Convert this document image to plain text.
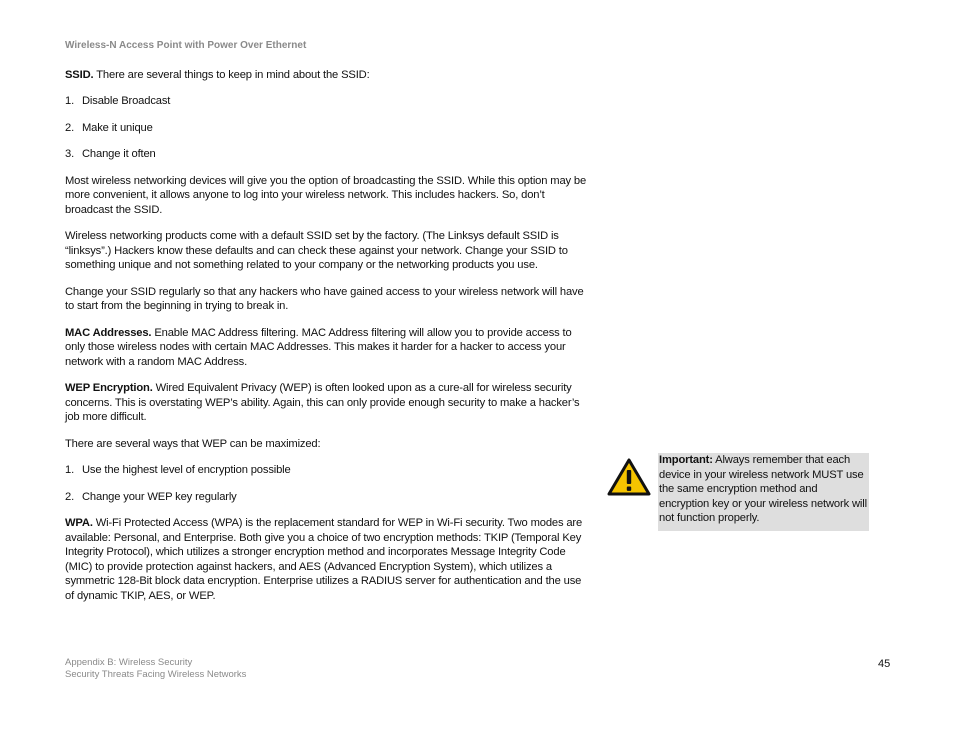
Wireless-N Access Point with Power Over Ethernet

SSID. There are several things to keep in mind about the SSID:

1. Disable Broadcast

2. Make it unique

3. Change it often

Most wireless networking devices will give you the option of broadcasting the SSID. While this option may be more convenient, it allows anyone to log into your wireless network. This includes hackers. So, don’t broadcast the SSID.

Wireless networking products come with a default SSID set by the factory. (The Linksys default SSID is “linksys”.) Hackers know these defaults and can check these against your network. Change your SSID to something unique and not something related to your company or the networking products you use.

Change your SSID regularly so that any hackers who have gained access to your wireless network will have to start from the beginning in trying to break in.

MAC Addresses. Enable MAC Address filtering. MAC Address filtering will allow you to provide access to only those wireless nodes with certain MAC Addresses. This makes it harder for a hacker to access your network with a random MAC Address.

WEP Encryption. Wired Equivalent Privacy (WEP) is often looked upon as a cure-all for wireless security concerns. This is overstating WEP’s ability. Again, this can only provide enough security to make a hacker’s job more difficult.

There are several ways that WEP can be maximized:

1. Use the highest level of encryption possible

2. Change your WEP key regularly

WPA. Wi-Fi Protected Access (WPA) is the replacement standard for WEP in Wi-Fi security. Two modes are available: Personal, and Enterprise. Both give you a choice of two encryption methods: TKIP (Temporal Key Integrity Protocol), which utilizes a stronger encryption method and incorporates Message Integrity Code (MIC) to provide protection against hackers, and AES (Advanced Encryption System), which utilizes a symmetric 128-Bit block data encryption. Enterprise utilizes a RADIUS server for authentication and the use of dynamic TKIP, AES, or WEP.

Important: Always remember that each device in your wireless network MUST use the same encryption method and encryption key or your wireless network will not function properly.
Appendix B: Wireless Security
Security Threats Facing Wireless Networks
45
